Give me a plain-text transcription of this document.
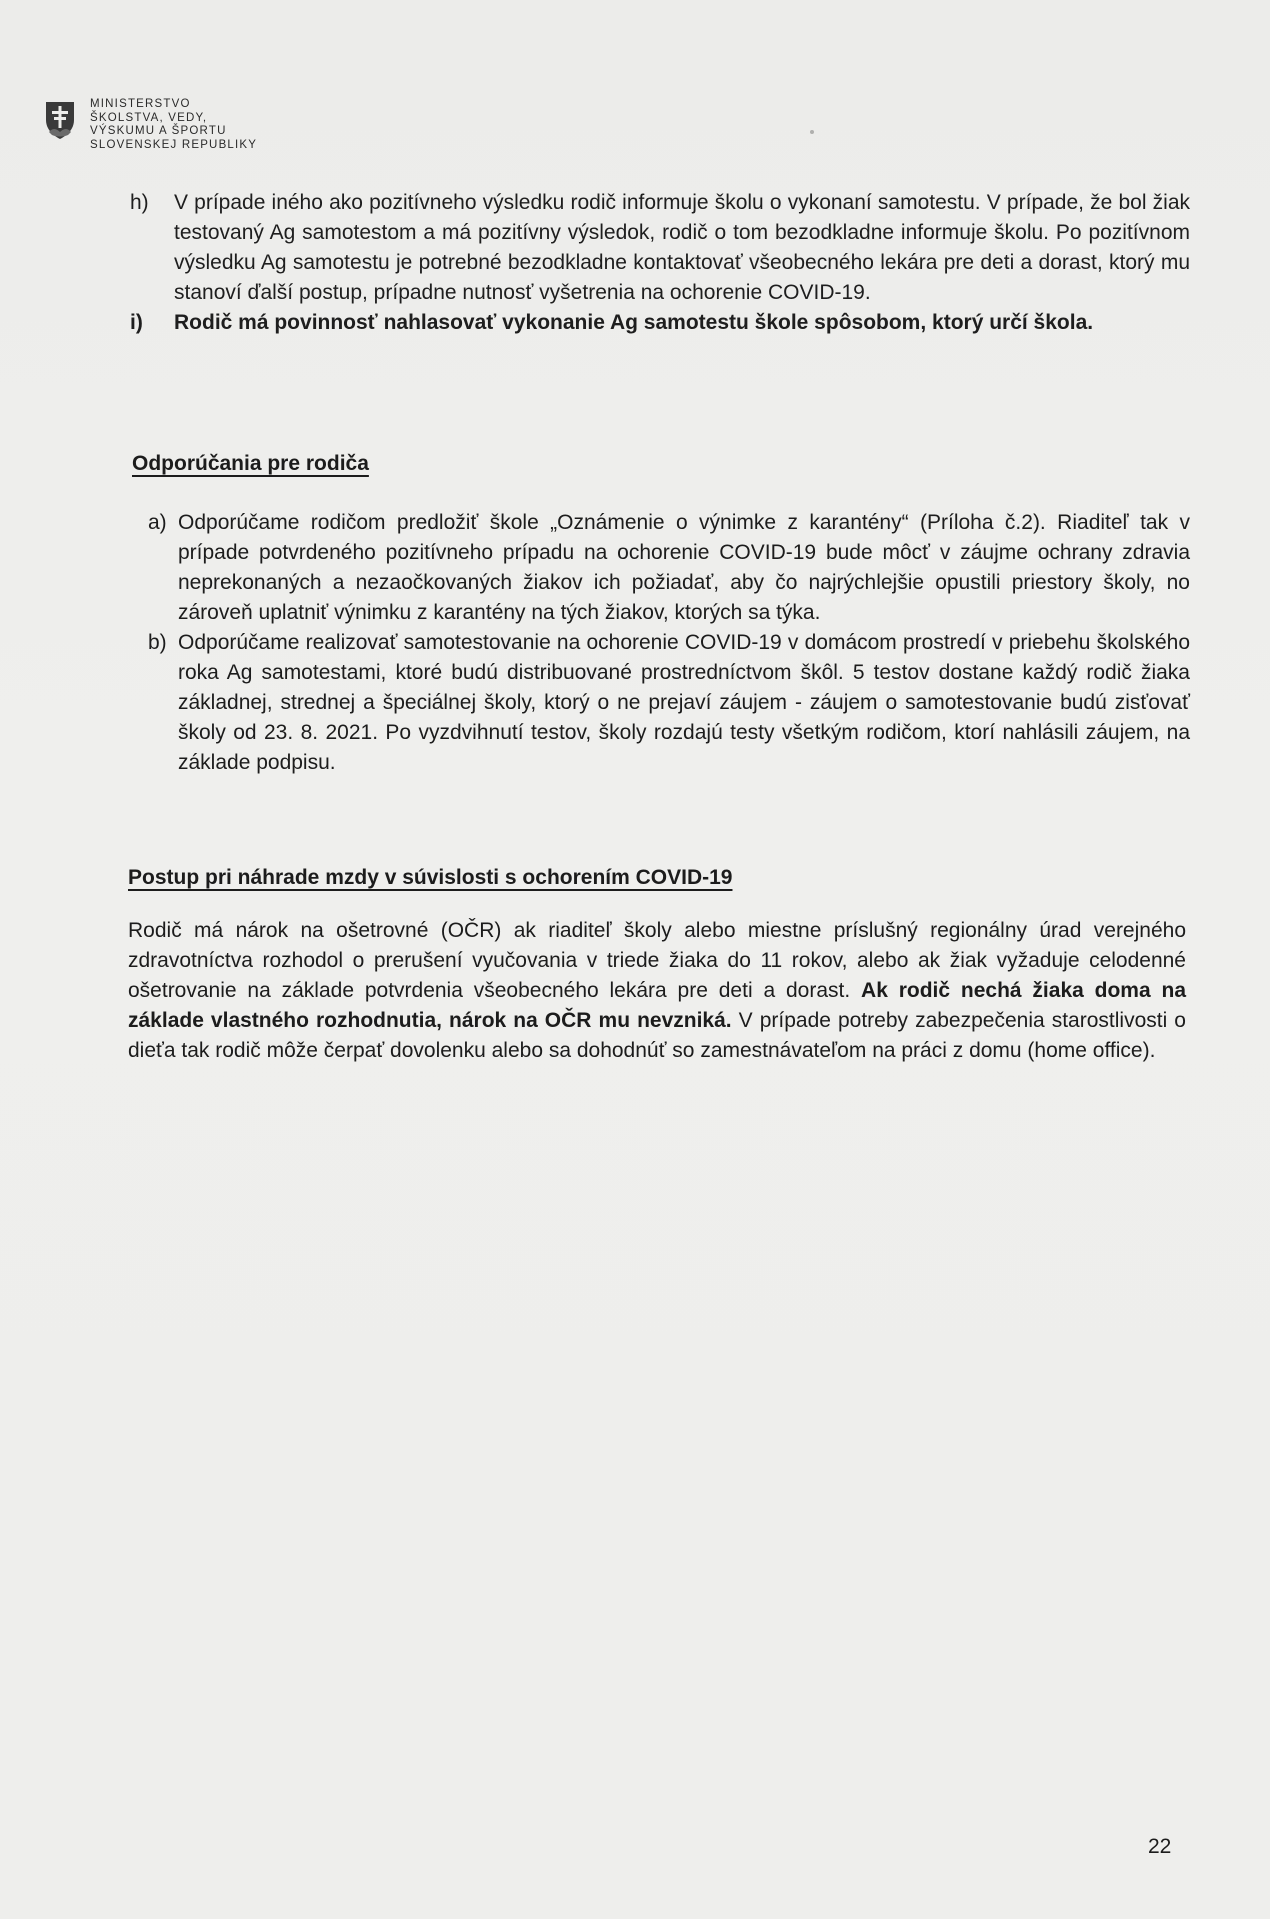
MINISTERSTVO
ŠKOLSTVA, VEDY,
VÝSKUMU A ŠPORTU
SLOVENSKEJ REPUBLIKY
h)	V prípade iného ako pozitívneho výsledku rodič informuje školu o vykonaní samotestu. V prípade, že bol žiak testovaný Ag samotestom a má pozitívny výsledok, rodič o tom bezodkladne informuje školu. Po pozitívnom výsledku Ag samotestu je potrebné bezodkladne kontaktovať všeobecného lekára pre deti a dorast, ktorý mu stanoví ďalší postup, prípadne nutnosť vyšetrenia na ochorenie COVID-19.
i)	Rodič má povinnosť nahlasovať vykonanie Ag samotestu škole spôsobom, ktorý určí škola.
Odporúčania pre rodiča
a) Odporúčame rodičom predložiť škole „Oznámenie o výnimke z karantény“ (Príloha č.2). Riaditeľ tak v prípade potvrdeného pozitívneho prípadu na ochorenie COVID-19 bude môcť v záujme ochrany zdravia neprekonaných a nezaočkovaných žiakov ich požiadať, aby čo najrýchlejšie opustili priestory školy, no zároveň uplatniť výnimku z karantény na tých žiakov, ktorých sa týka.
b) Odporúčame realizovať samotestovanie na ochorenie COVID-19 v domácom prostredí v priebehu školského roka Ag samotestami, ktoré budú distribuované prostredníctvom škôl. 5 testov dostane každý rodič žiaka základnej, strednej a špeciálnej školy, ktorý o ne prejaví záujem - záujem o samotestovanie budú zisťovať školy od 23. 8. 2021. Po vyzdvihnutí testov, školy rozdajú testy všetkým rodičom, ktorí nahlásili záujem, na základe podpisu.
Postup pri náhrade mzdy v súvislosti s ochorením COVID-19
Rodič má nárok na ošetrovné (OČR) ak riaditeľ školy alebo miestne príslušný regionálny úrad verejného zdravotníctva rozhodol o prerušení vyučovania v triede žiaka do 11 rokov, alebo ak žiak vyžaduje celodenné ošetrovanie na základe potvrdenia všeobecného lekára pre deti a dorast. Ak rodič nechá žiaka doma na základe vlastného rozhodnutia, nárok na OČR mu nevzniká. V prípade potreby zabezpečenia starostlivosti o dieťa tak rodič môže čerpať dovolenku alebo sa dohodnúť so zamestnávateľom na práci z domu (home office).
22
